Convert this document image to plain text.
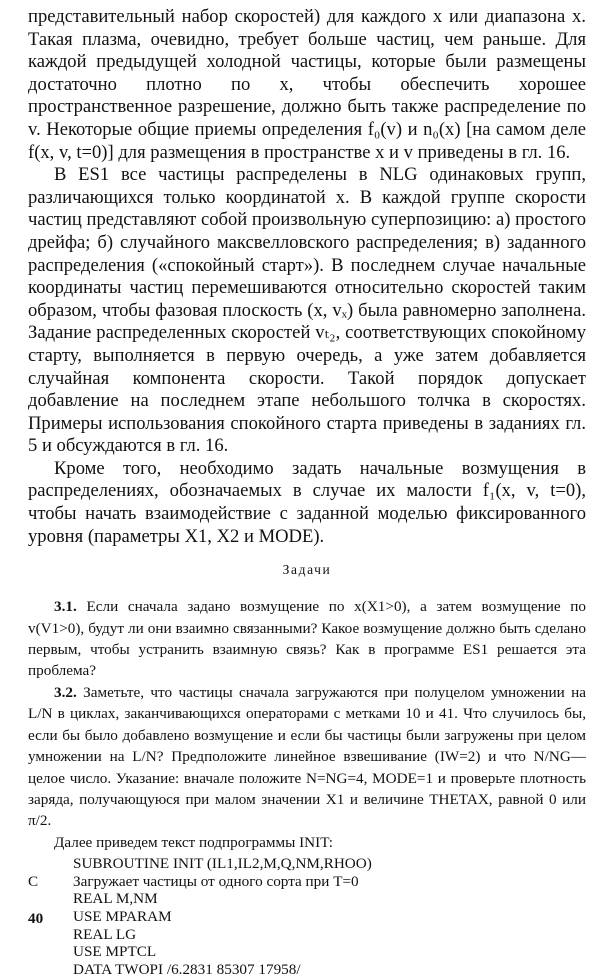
представительный набор скоростей) для каждого x или диапазона x. Такая плазма, очевидно, требует больше частиц, чем раньше. Для каждой предыдущей холодной частицы, которые были размещены достаточно плотно по x, чтобы обеспечить хорошее пространственное разрешение, должно быть также распределение по v. Некоторые общие приемы определения f₀(v) и n₀(x) [на самом деле f(x, v, t=0)] для размещения в пространстве x и v приведены в гл. 16.

В ES1 все частицы распределены в NLG одинаковых групп, различающихся только координатой x. В каждой группе скорости частиц представляют собой произвольную суперпозицию: а) простого дрейфа; б) случайного максвелловского распределения; в) заданного распределения («спокойный старт»). В последнем случае начальные координаты частиц перемешиваются относительно скоростей таким образом, чтобы фазовая плоскость (x, vₓ) была равномерно заполнена. Задание распределенных скоростей vₜ₂, соответствующих спокойному старту, выполняется в первую очередь, а уже затем добавляется случайная компонента скорости. Такой порядок допускает добавление на последнем этапе небольшого толчка в скоростях. Примеры использования спокойного старта приведены в заданиях гл. 5 и обсуждаются в гл. 16.

Кроме того, необходимо задать начальные возмущения в распределениях, обозначаемых в случае их малости f₁(x, v, t=0), чтобы начать взаимодействие с заданной моделью фиксированного уровня (параметры X1, X2 и MODE).

Задачи

3.1. Если сначала задано возмущение по x(X1>0), а затем возмущение по v(V1>0), будут ли они взаимно связанными? Какое возмущение должно быть сделано первым, чтобы устранить взаимную связь? Как в программе ES1 решается эта проблема?

3.2. Заметьте, что частицы сначала загружаются при полуцелом умножении на L/N в циклах, заканчивающихся операторами с метками 10 и 41. Что случилось бы, если бы было добавлено возмущение и если бы частицы были загружены при целом умножении на L/N? Предположите линейное взвешивание (IW=2) и что N/NG—целое число. Указание: вначале положите N=NG=4, MODE=1 и проверьте плотность заряда, получающуюся при малом значении X1 и величине THETAX, равной 0 или π/2.

Далее приведем текст подпрограммы INIT:

SUBROUTINE INIT (IL1,IL2,M,Q,NM,RHOO)
C Загружает частицы от одного сорта при T=0
REAL M,NM
USE MPARAM
REAL LG
USE MPTCL
DATA TWOPI /6.2831 85307 17958/
40
